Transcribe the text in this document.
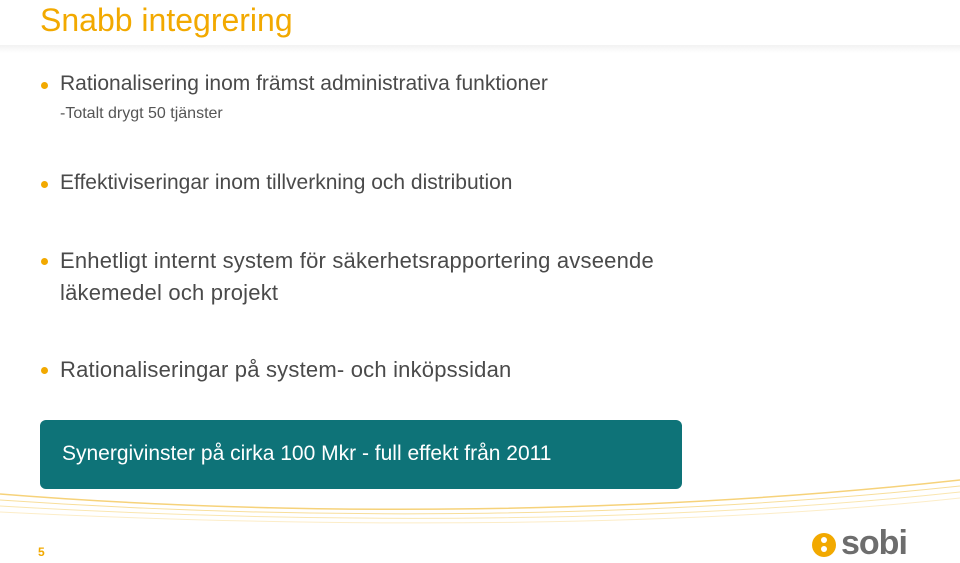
Snabb integrering
Rationalisering inom främst administrativa funktioner
-Totalt drygt 50 tjänster
Effektiviseringar inom tillverkning och distribution
Enhetligt internt system för säkerhetsrapportering avseende
läkemedel och projekt
Rationaliseringar på system- och inköpssidan
Synergivinster på cirka 100 Mkr - full effekt från 2011
5	sobi
